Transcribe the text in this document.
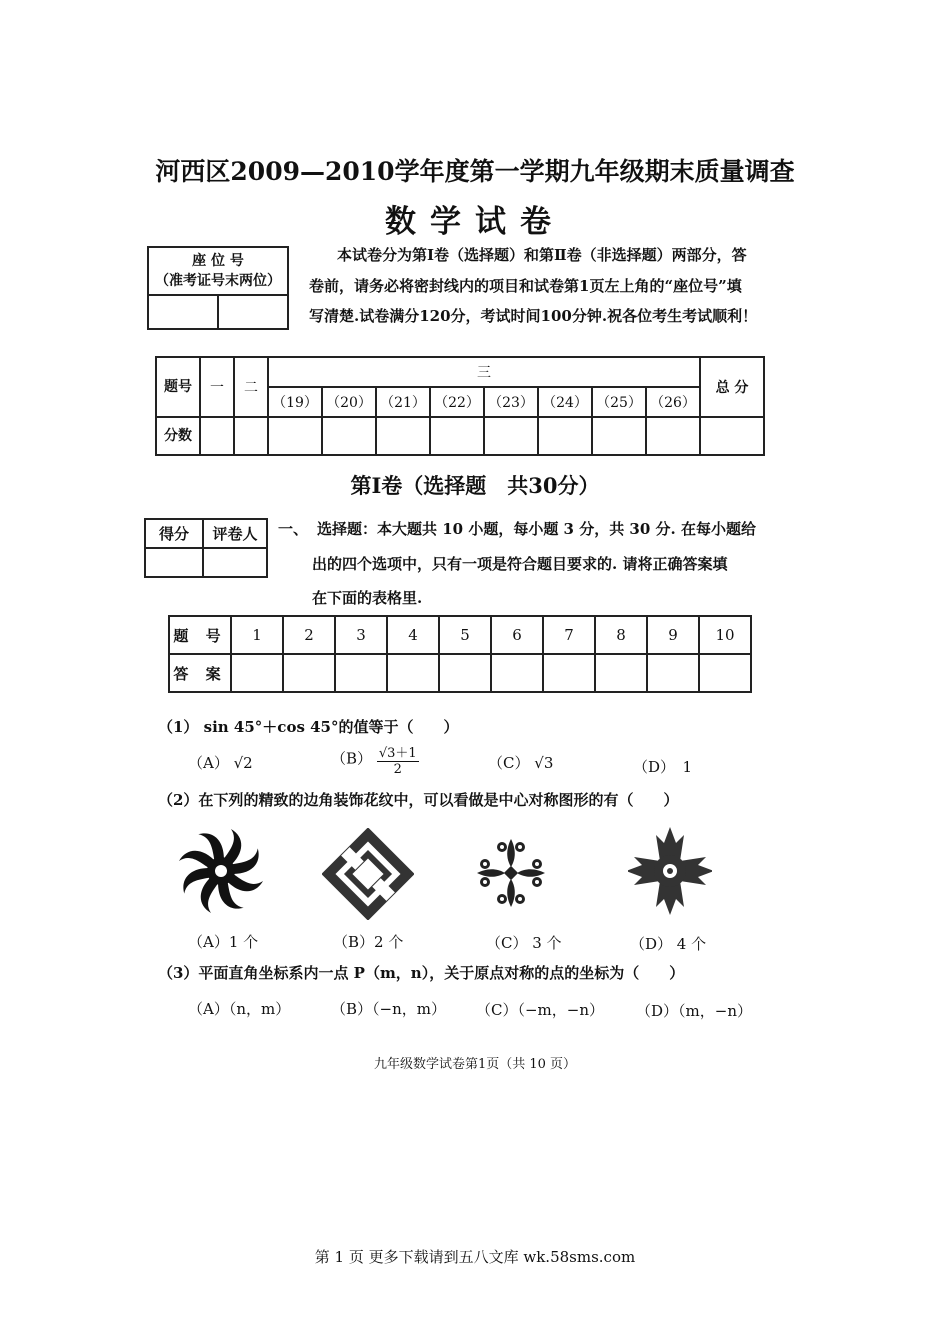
河西区2009—2010学年度第一学期九年级期末质量调查
数学试卷
座 位 号
（准考证号末两位）

本试卷分为第Ⅰ卷（选择题）和第Ⅱ卷（非选择题）两部分，答
卷前，请务必将密封线内的项目和试卷第1页左上角的“座位号”填
写清楚.试卷满分120分，考试时间100分钟.祝各位考生考试顺利！
题号	一	二	三								总 分
			（19）	（20）	（21）	（22）	（23）	（24）	（25）	（26）	
分数											
第Ⅰ卷（选择题　共30分）
得分	评卷人
	一、 选择题：本大题共 10 小题，每小题 3 分，共 30 分. 在每小题给
出的四个选项中，只有一项是符合题目要求的. 请将正确答案填
在下面的表格里.
题 号	1	2	3	4	5	6	7	8	9	10
答 案										
（1） sin 45°＋cos 45°的值等于（　　）
（A） √2	$(B) \frac{√3+1}{2}$	（C） √3	（D）　1
（2）在下列的精致的边角装饰花纹中，可以看做是中心对称图形的有（　　）
（A）1 个	（B）2 个	（C） 3 个	（D） 4 个
（3）平面直角坐标系内一点 P（m，n），关于原点对称的点的坐标为（　　）
（A）（n，m）	（B）（−n，m） （C）（−m，−n） （D）（m，−n）
九年级数学试卷第1页（共 10 页）
第 1 页 更多下载请到五八文库 wk.58sms.com
